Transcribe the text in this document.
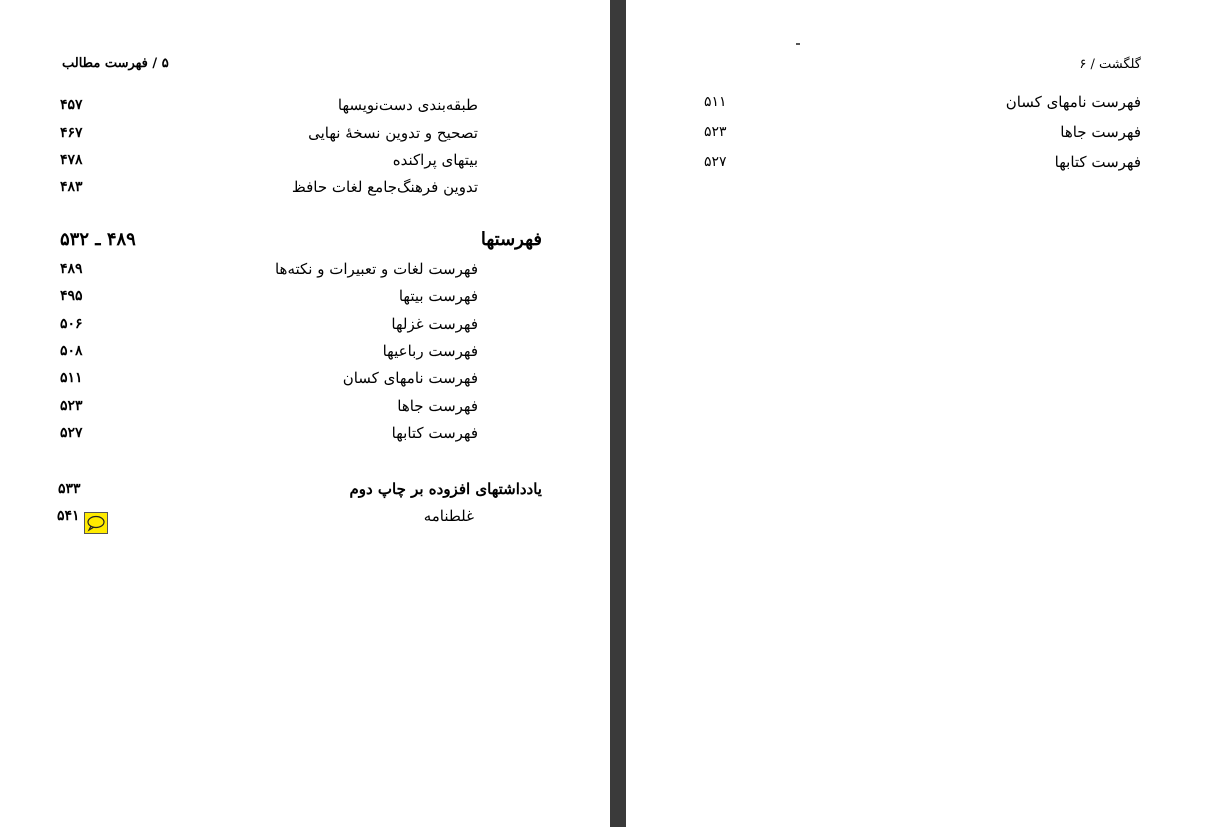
۵ / فهرست مطالب
طبقه‌بندی دست‌نویسها
۴۵۷
تصحیح و تدوین نسخهٔ نهایی
۴۶۷
بیتهای پراکنده
۴۷۸
تدوین فرهنگ‌جامع لغات حافظ
۴۸۳
فهرستها
۴۸۹ ـ ۵۳۲
فهرست لغات و تعبیرات و نکته‌ها
۴۸۹
فهرست بیتها
۴۹۵
فهرست غزلها
۵۰۶
فهرست رباعیها
۵۰۸
فهرست نامهای کسان
۵۱۱
فهرست جاها
۵۲۳
فهرست کتابها
۵۲۷
یادداشتهای افزوده بر چاپ دوم
۵۳۳
غلطنامه
۵۴۱
گلگشت / ۶
فهرست نامهای کسان
۵۱۱
فهرست جاها
۵۲۳
فهرست کتابها
۵۲۷
